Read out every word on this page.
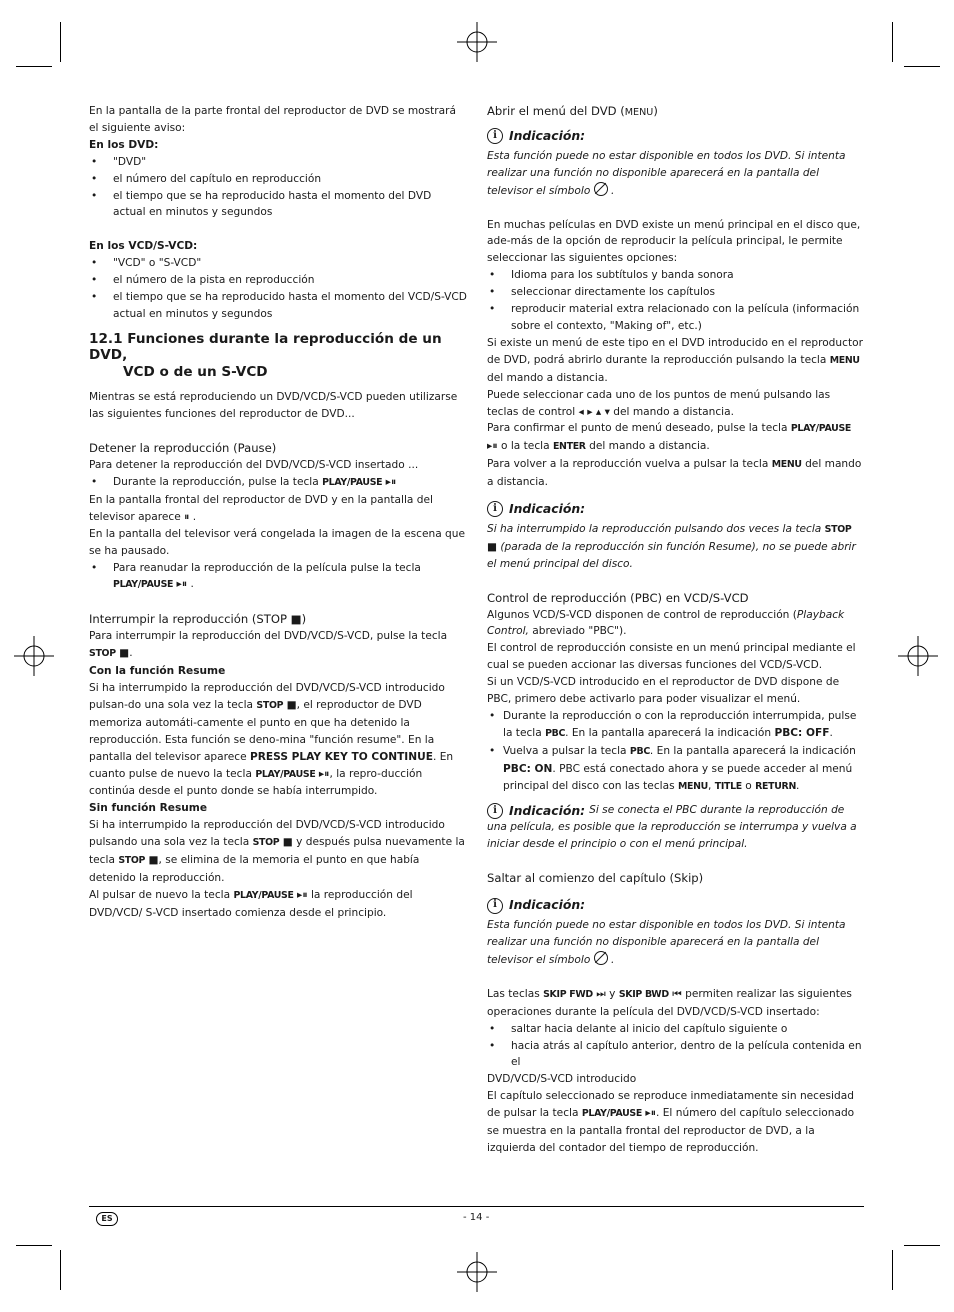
En la pantalla de la parte frontal del reproductor de DVD se mostrará el siguiente aviso:

En los DVD:

• "DVD"

• el número del capítulo en reproducción

• el tiempo que se ha reproducido hasta el momento del DVD actual en minutos y segundos

En los VCD/S-VCD:

• "VCD" o "S-VCD"

• el número de la pista en reproducción

• el tiempo que se ha reproducido hasta el momento del VCD/S-VCD actual en minutos y segundos

12.1 Funciones durante la reproducción de un DVD,
VCD o de un S-VCD

Mientras se está reproduciendo un DVD/VCD/S-VCD pueden utilizarse las siguientes funciones del reproductor de DVD...

Detener la reproducción (Pause)

Para detener la reproducción del DVD/VCD/S-VCD insertado ...

• Durante la reproducción, pulse la tecla PLAY/PAUSE ▸⏸

En la pantalla frontal del reproductor de DVD y en la pantalla del televisor aparece ⏸ .

En la pantalla del televisor verá congelada la imagen de la escena que se ha pausado.

• Para reanudar la reproducción de la película pulse la tecla PLAY/PAUSE ▸⏸ .

Interrumpir la reproducción (STOP ■)

Para interrumpir la reproducción del DVD/VCD/S-VCD, pulse la tecla STOP ■.

Con la función Resume

Si ha interrumpido la reproducción del DVD/VCD/S-VCD introducido pulsan-do una sola vez la tecla STOP ■, el reproductor de DVD memoriza automáti-camente el punto en que ha detenido la reproducción. Esta función se deno-mina "función resume". En la pantalla del televisor aparece PRESS PLAY KEY TO CONTINUE. En cuanto pulse de nuevo la tecla PLAY/PAUSE ▸⏸, la repro-ducción continúa desde el punto donde se había interrumpido.

Sin función Resume

Si ha interrumpido la reproducción del DVD/VCD/S-VCD introducido pulsando una sola vez la tecla STOP ■ y después pulsa nuevamente la tecla STOP ■, se elimina de la memoria el punto en que había detenido la reproducción.

Al pulsar de nuevo la tecla PLAY/PAUSE ▸⏸ la reproducción del DVD/VCD/ S-VCD insertado comienza desde el principio.

Abrir el menú del DVD (MENU)

i Indicación:

Esta función puede no estar disponible en todos los DVD. Si intenta realizar una función no disponible aparecerá en la pantalla del televisor el símbolo  .

En muchas películas en DVD existe un menú principal en el disco que, ade-más de la opción de reproducir la película principal, le permite seleccionar las siguientes opciones:

• Idioma para los subtítulos y banda sonora

• seleccionar directamente los capítulos

• reproducir material extra relacionado con la película (información sobre el contexto, "Making of", etc.)

Si existe un menú de este tipo en el DVD introducido en el reproductor de DVD, podrá abrirlo durante la reproducción pulsando la tecla MENU del mando a distancia.

Puede seleccionar cada uno de los puntos de menú pulsando las teclas de control ◂ ▸ ▴ ▾ del mando a distancia.

Para confirmar el punto de menú deseado, pulse la tecla PLAY/PAUSE ▸⏸ o la tecla ENTER del mando a distancia.

Para volver a la reproducción vuelva a pulsar la tecla MENU del mando a distancia.

i Indicación:

Si ha interrumpido la reproducción pulsando dos veces la tecla STOP ■ (parada de la reproducción sin función Resume), no se puede abrir el menú principal del disco.

Control de reproducción (PBC) en VCD/S-VCD

Algunos VCD/S-VCD disponen de control de reproducción (Playback Control, abreviado "PBC").

El control de reproducción consiste en un menú principal mediante el cual se pueden accionar las diversas funciones del VCD/S-VCD.

Si un VCD/S-VCD introducido en el reproductor de DVD dispone de PBC, primero debe activarlo para poder visualizar el menú.

• Durante la reproducción o con la reproducción interrumpida, pulse la tecla PBC. En la pantalla aparecerá la indicación PBC: OFF.

• Vuelva a pulsar la tecla PBC. En la pantalla aparecerá la indicación PBC: ON. PBC está conectado ahora y se puede acceder al menú principal del disco con las teclas MENU, TITLE o RETURN.

i Indicación: Si se conecta el PBC durante la reproducción de una película, es posible que la reproducción se interrumpa y vuelva a iniciar desde el principio o con el menú principal.

Saltar al comienzo del capítulo (Skip)

i Indicación:

Esta función puede no estar disponible en todos los DVD. Si intenta realizar una función no disponible aparecerá en la pantalla del televisor el símbolo  .

Las teclas SKIP FWD ⏭ y SKIP BWD ⏮ permiten realizar las siguientes operaciones durante la película del DVD/VCD/S-VCD insertado:

• saltar hacia delante al inicio del capítulo siguiente o

• hacia atrás al capítulo anterior, dentro de la película contenida en el

DVD/VCD/S-VCD introducido

El capítulo seleccionado se reproduce inmediatamente sin necesidad de pulsar la tecla PLAY/PAUSE ▸⏸. El número del capítulo seleccionado se muestra en la pantalla frontal del reproductor de DVD, a la izquierda del contador del tiempo de reproducción.

ES	- 14 -
